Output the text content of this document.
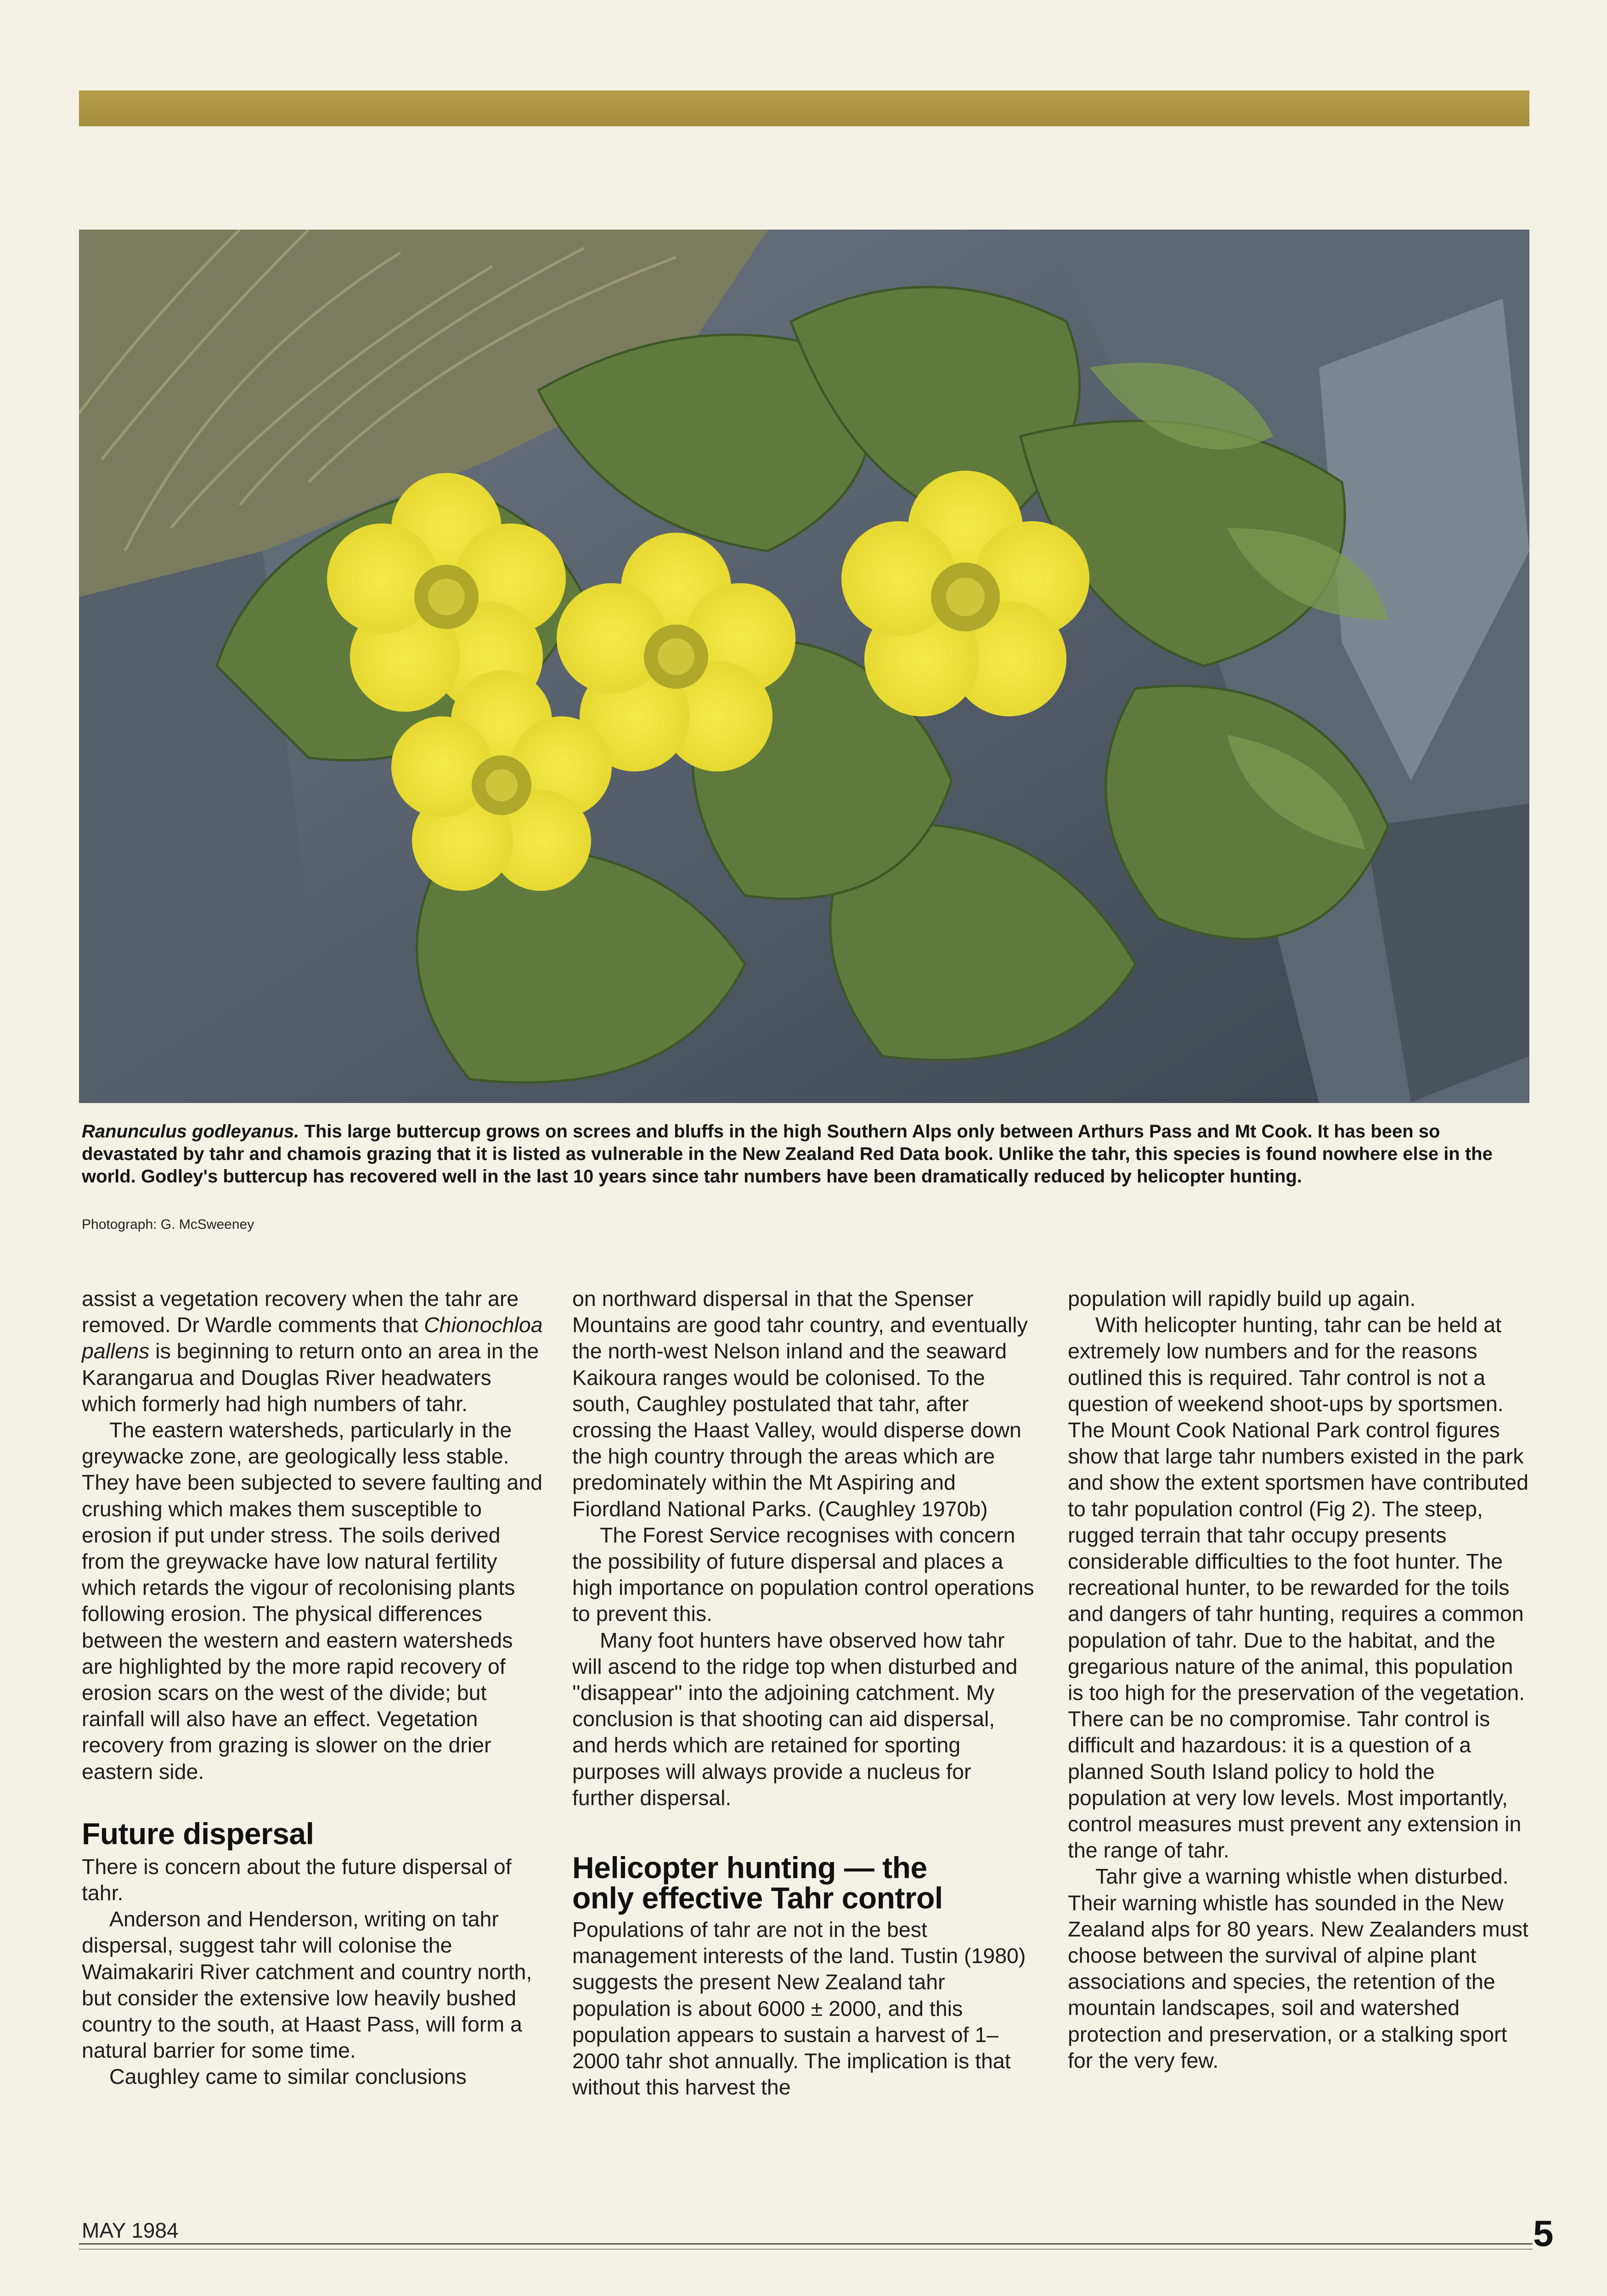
Ranunculus godleyanus. This large buttercup grows on screes and bluffs in the high Southern Alps only between Arthurs Pass and Mt Cook. It has been so devastated by tahr and chamois grazing that it is listed as vulnerable in the New Zealand Red Data book. Unlike the tahr, this species is found nowhere else in the world. Godley's buttercup has recovered well in the last 10 years since tahr numbers have been dramatically reduced by helicopter hunting.
Photograph: G. McSweeney

assist a vegetation recovery when the tahr are removed. Dr Wardle comments that Chionochloa pallens is beginning to return onto an area in the Karangarua and Douglas River headwaters which formerly had high numbers of tahr.

The eastern watersheds, particularly in the greywacke zone, are geologically less stable. They have been subjected to severe faulting and crushing which makes them susceptible to erosion if put under stress. The soils derived from the greywacke have low natural fertility which retards the vigour of recolonising plants following erosion. The physical differences between the western and eastern watersheds are highlighted by the more rapid recovery of erosion scars on the west of the divide; but rainfall will also have an effect. Vegetation recovery from grazing is slower on the drier eastern side.

Future dispersal

There is concern about the future dispersal of tahr.

Anderson and Henderson, writing on tahr dispersal, suggest tahr will colonise the Waimakariri River catchment and country north, but consider the extensive low heavily bushed country to the south, at Haast Pass, will form a natural barrier for some time.

Caughley came to similar conclusions

on northward dispersal in that the Spenser Mountains are good tahr country, and eventually the north-west Nelson inland and the seaward Kaikoura ranges would be colonised. To the south, Caughley postulated that tahr, after crossing the Haast Valley, would disperse down the high country through the areas which are predominately within the Mt Aspiring and Fiordland National Parks. (Caughley 1970b)

The Forest Service recognises with concern the possibility of future dispersal and places a high importance on population control operations to prevent this.

Many foot hunters have observed how tahr will ascend to the ridge top when disturbed and ''disappear'' into the adjoining catchment. My conclusion is that shooting can aid dispersal, and herds which are retained for sporting purposes will always provide a nucleus for further dispersal.

Helicopter hunting — the
only effective Tahr control

Populations of tahr are not in the best management interests of the land. Tustin (1980) suggests the present New Zealand tahr population is about 6000 ± 2000, and this population appears to sustain a harvest of 1–2000 tahr shot annually. The implication is that without this harvest the

population will rapidly build up again.

With helicopter hunting, tahr can be held at extremely low numbers and for the reasons outlined this is required. Tahr control is not a question of weekend shoot-ups by sportsmen. The Mount Cook National Park control figures show that large tahr numbers existed in the park and show the extent sportsmen have contributed to tahr population control (Fig 2). The steep, rugged terrain that tahr occupy presents considerable difficulties to the foot hunter. The recreational hunter, to be rewarded for the toils and dangers of tahr hunting, requires a common population of tahr. Due to the habitat, and the gregarious nature of the animal, this population is too high for the preservation of the vegetation. There can be no compromise. Tahr control is difficult and hazardous: it is a question of a planned South Island policy to hold the population at very low levels. Most importantly, control measures must prevent any extension in the range of tahr.

Tahr give a warning whistle when disturbed. Their warning whistle has sounded in the New Zealand alps for 80 years. New Zealanders must choose between the survival of alpine plant associations and species, the retention of the mountain landscapes, soil and watershed protection and preservation, or a stalking sport for the very few.

MAY 1984	5
